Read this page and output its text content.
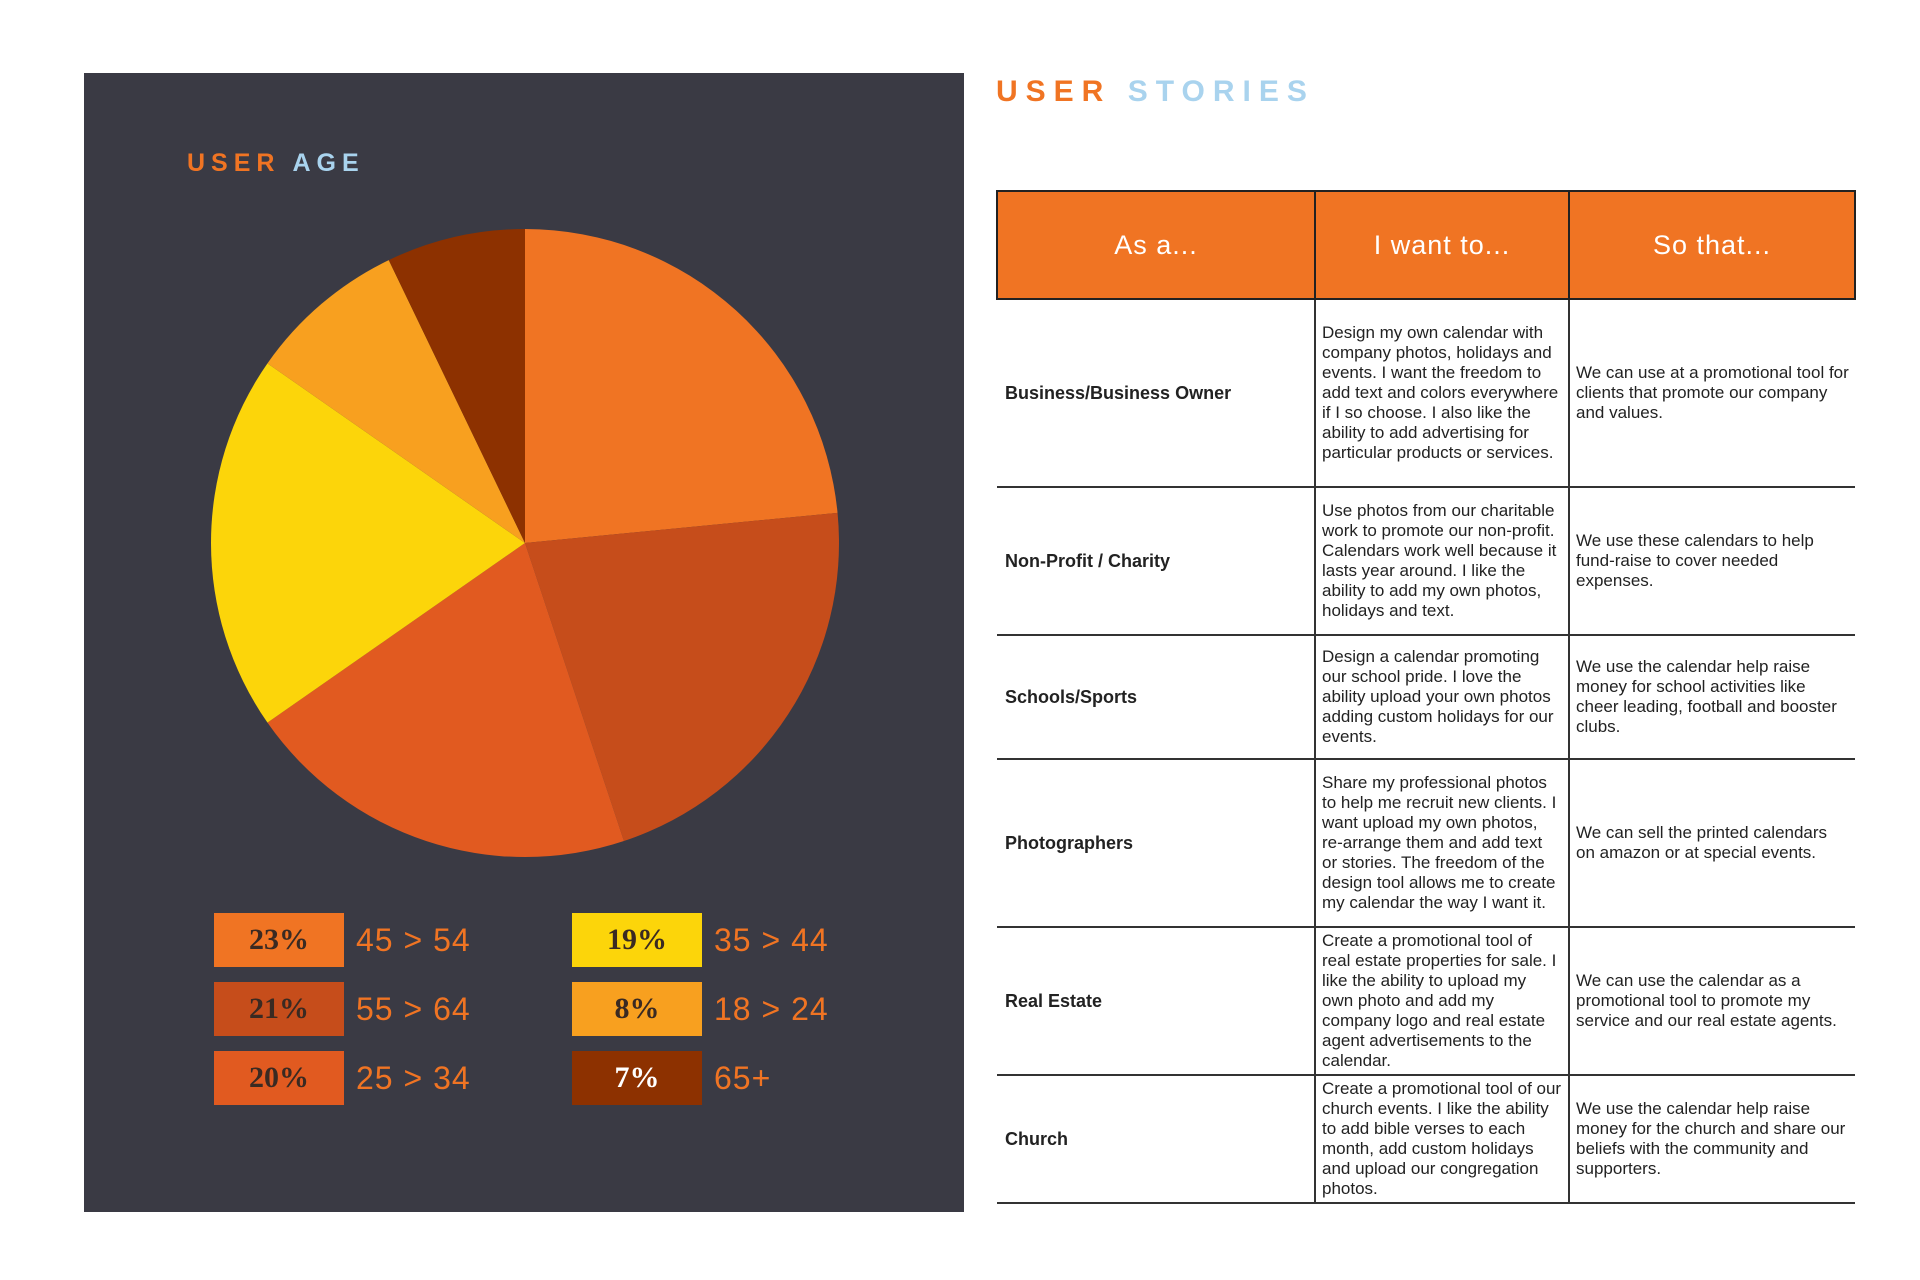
USER AGE
23%	45 > 54
21%	55 > 64
20%	25 > 34
19%	35 > 44
8%	18 > 24
7%	65+
USER STORIES
As a...	I want to...	So that...
Business/Business Owner	Design my own calendar with company photos, holidays and events. I want the freedom to add text and colors everywhere if I so choose. I also like the ability to add advertising for particular products or services.	We can use at a promotional tool for clients that promote our company and values.
Non-Profit / Charity	Use photos from our charitable work to promote our non-profit. Calendars work well because it lasts year around. I like the ability to add my own photos, holidays and text.	We use these calendars to help fund-raise to cover needed expenses.
Schools/Sports	Design a calendar promoting our school pride. I love the ability upload your own photos adding custom holidays for our events.	We use the calendar help raise money for school activities like cheer leading, football and booster clubs.
Photographers	Share my professional photos to help me recruit new clients. I want upload my own photos, re-arrange them and add text or stories. The freedom of the design tool allows me to create my calendar the way I want it.	We can sell the printed calendars on amazon or at special events.
Real Estate	Create a promotional tool of real estate properties for sale. I like the ability to upload my own photo and add my company logo and real estate agent advertisements to the calendar.	We can use the calendar as a promotional tool to promote my service and our real estate agents.
Church	Create a promotional tool of our church events. I like the ability to add bible verses to each month, add custom holidays and upload our congregation photos.	We use the calendar help raise money for the church and share our beliefs with the community and supporters.
